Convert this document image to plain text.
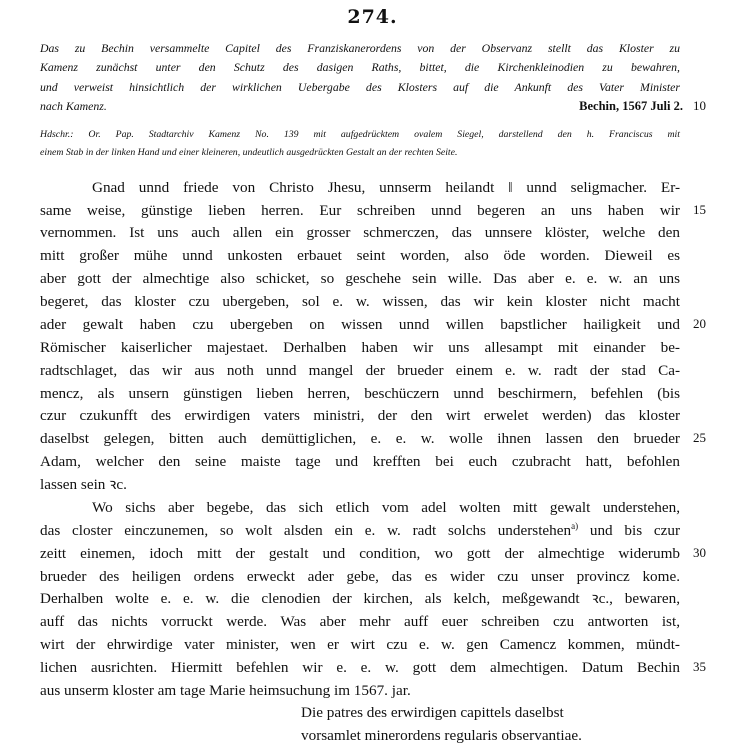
274.
Das zu Bechin versammelte Capitel des Franziskanerordens von der Observanz stellt das Kloster zu
Kamenz zunächst unter den Schutz des dasigen Raths, bittet, die Kirchenkleinodien zu bewahren,
und verweist hinsichtlich der wirklichen Uebergabe des Klosters auf die Ankunft des Vater Minister
nach Kamenz.	Bechin, 1567 Juli 2.
Hdschr.: Or. Pap. Stadtarchiv Kamenz No. 139 mit aufgedrücktem ovalem Siegel, darstellend den h. Franciscus mit
einem Stab in der linken Hand und einer kleineren, undeutlich ausgedrückten Gestalt an der rechten Seite.
Gnad unnd friede von Christo Jhesu, unnserm heilandt ‖ unnd seligmacher. Er-
same weise, günstige lieben herren. Eur schreiben unnd begeren an uns haben wir
vernommen. Ist uns auch allen ein grosser schmerczen, das unnsere klöster, welche den
mitt großer mühe unnd unkosten erbauet seint worden, also öde worden. Dieweil es
aber gott der almechtige also schicket, so geschehe sein wille. Das aber e. e. w. an uns
begeret, das kloster czu ubergeben, sol e. w. wissen, das wir kein kloster nicht macht
ader gewalt haben czu ubergeben on wissen unnd willen bapstlicher hailigkeit und
Römischer kaiserlicher majestaet. Derhalben haben wir uns allesampt mit einander be-
radtschlaget, das wir aus noth unnd mangel der brueder einem e. w. radt der stad Ca-
mencz, als unsern günstigen lieben herren, beschüczern unnd beschirmern, befehlen (bis
czur czukunfft des erwirdigen vaters ministri, der den wirt erwelet werden) das kloster
daselbst gelegen, bitten auch demüttiglichen, e. e. w. wolle ihnen lassen den brueder
Adam, welcher den seine maiste tage und krefften bei euch czubracht hatt, befohlen
lassen sein ꝛc.
Wo sichs aber begebe, das sich etlich vom adel wolten mitt gewalt understehen,
das closter einczunemen, so wolt alsden ein e. w. radt solchs understehen$^{a)}$ und bis czur
zeitt einemen, idoch mitt der gestalt und condition, wo gott der almechtige widerumb
brueder des heiligen ordens erweckt ader gebe, das es wider czu unser provincz kome.
Derhalben wolte e. e. w. die clenodien der kirchen, als kelch, meßgewandt ꝛc., bewaren,
auff das nichts vorruckt werde. Was aber mehr auff euer schreiben czu antworten ist,
wirt der ehrwirdige vater minister, wen er wirt czu e. w. gen Camencz kommen, mündt-
lichen ausrichten. Hiermitt befehlen wir e. e. w. gott dem almechtigen. Datum Bechin
aus unserm kloster am tage Marie heimsuchung im 1567. jar.
Die patres des erwirdigen capittels daselbst
vorsamlet minerordens regularis observantiae.
10
15
20
25
30
35
